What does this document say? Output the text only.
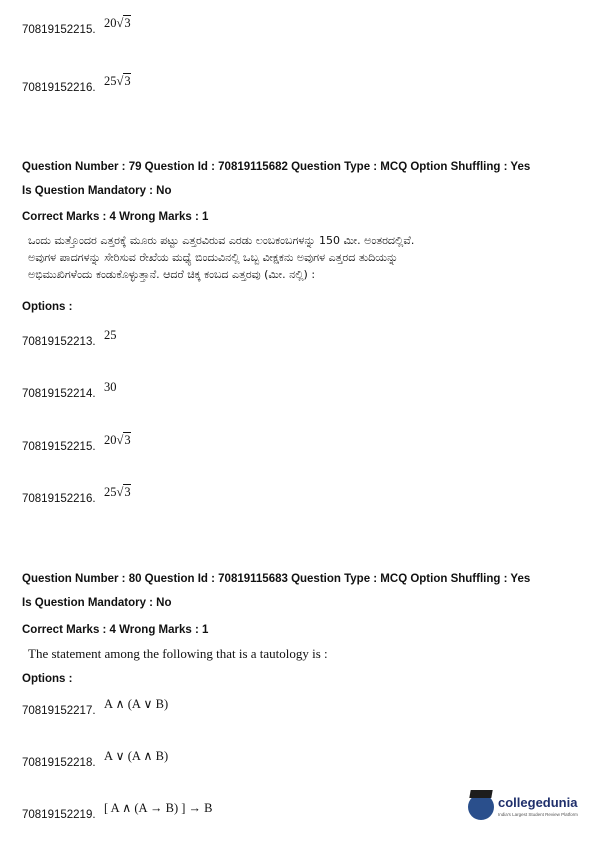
70819152215. 20√3
70819152216. 25√3
Question Number : 79 Question Id : 70819115682 Question Type : MCQ Option Shuffling : Yes
Is Question Mandatory : No
Correct Marks : 4 Wrong Marks : 1
ಒಂದು ಮತ್ತೊಂದರ ಎತ್ತರಕ್ಕೆ ಮೂರು ಪಟ್ಟು ಎತ್ತರವಿರುವ ಎರಡು ಲಂಬಕಂಬಗಳನ್ನು 150 ಮೀ. ಅಂತರದಲ್ಲಿವೆ.
ಅವುಗಳ ಪಾದಗಳನ್ನು ಸೇರಿಸುವ ರೇಖೆಯ ಮಧ್ಯೆ ಬಿಂದುವಿನಲ್ಲಿ ಒಬ್ಬ ವೀಕ್ಷಕನು ಅವುಗಳ ಎತ್ತರದ ತುದಿಯನ್ನು
ಅಭಿಮುಖಿಗಳೆಂದು ಕಂಡುಕೊಳ್ಳುತ್ತಾನೆ. ಆದರೆ ಚಿಕ್ಕ ಕಂಬದ ಎತ್ತರವು (ಮೀ. ನಲ್ಲಿ) :
Options :
70819152213. $^{25}$
70819152214. $^{30}$
70819152215. 20√3
70819152216. 25√3
Question Number : 80 Question Id : 70819115683 Question Type : MCQ Option Shuffling : Yes
Is Question Mandatory : No
Correct Marks : 4 Wrong Marks : 1
The statement among the following that is a tautology is :
Options :
70819152217. $^{A \wedge (A \vee B)}$
70819152218. $^{A \vee (A \wedge B)}$
70819152219. $^{[ A \wedge (A \to B) ] \to B}$	collegedunia
India's Largest Student Review Platform
